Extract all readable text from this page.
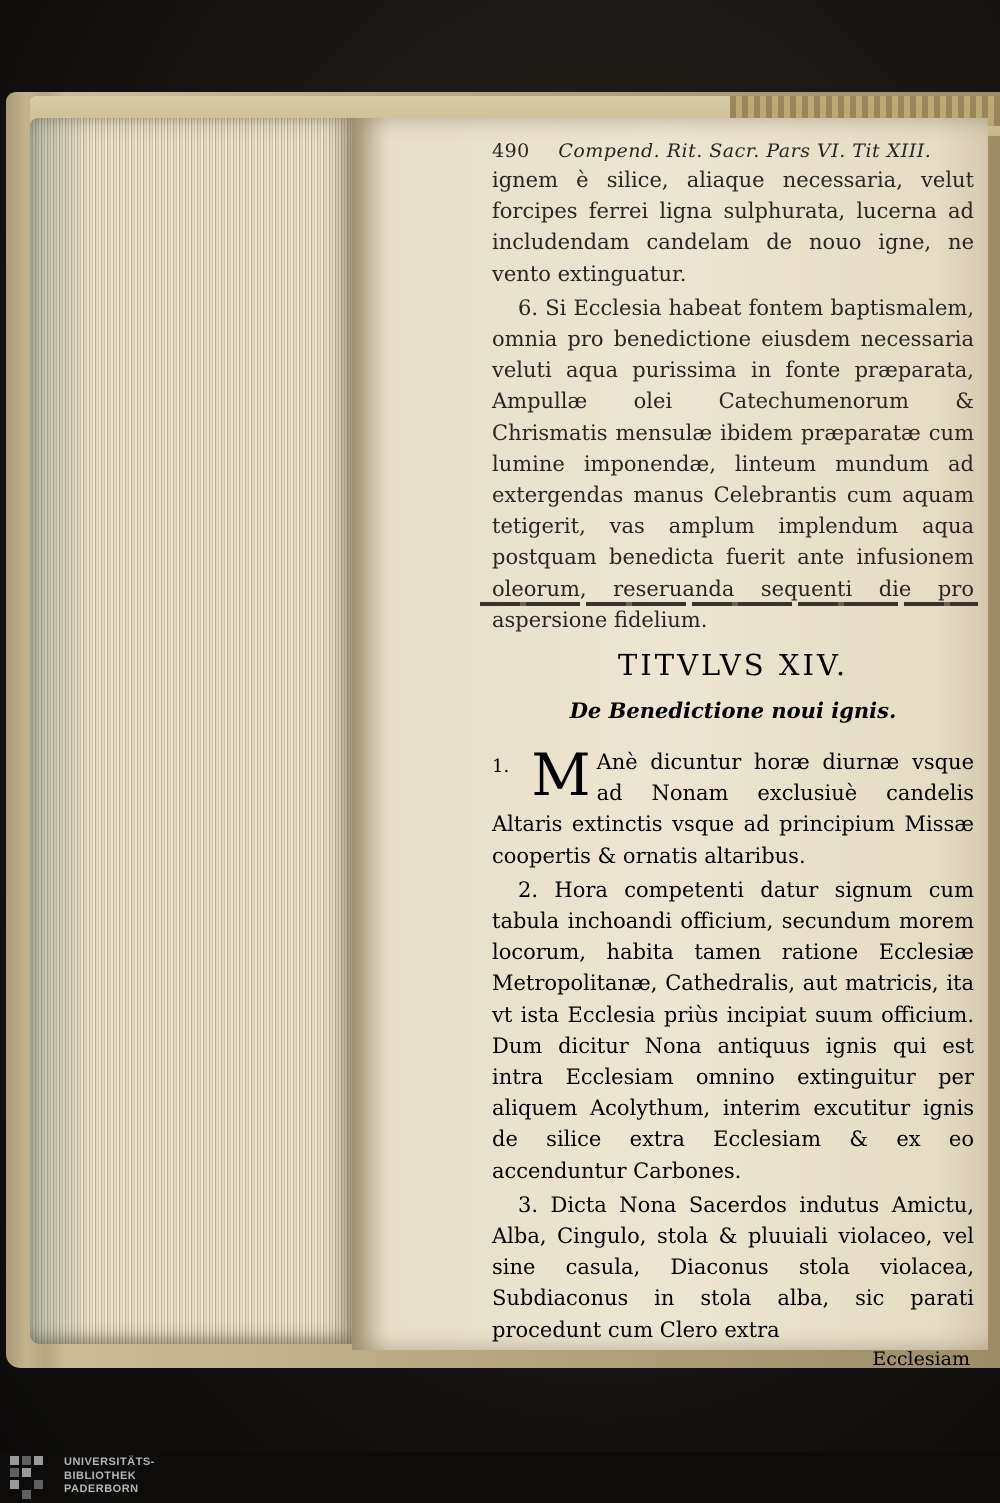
490 Compend. Rit. Sacr. Pars VI. Tit XIII.

ignem è silice, aliaque necessaria, velut forcipes ferrei ligna sulphurata, lucerna ad includendam candelam de nouo igne, ne vento extinguatur.

6. Si Ecclesia habeat fontem baptismalem, omnia pro benedictione eiusdem necessaria veluti aqua purissima in fonte præparata, Ampullæ olei Catechumenorum & Chrismatis mensulæ ibidem præparatæ cum lumine imponendæ, linteum mundum ad extergendas manus Celebrantis cum aquam tetigerit, vas amplum implendum aqua postquam benedicta fuerit ante infusionem oleorum, reseruanda sequenti die pro aspersione fidelium.

TITVLVS XIV.
De Benedictione noui ignis.
1. M Anè dicuntur horæ diurnæ vsque ad Nonam exclusiuè candelis Altaris extinctis vsque ad principium Missæ coopertis & ornatis altaribus.

2. Hora competenti datur signum cum tabula inchoandi officium, secundum morem locorum, habita tamen ratione Ecclesiæ Metropolitanæ, Cathedralis, aut matricis, ita vt ista Ecclesia priùs incipiat suum officium. Dum dicitur Nona antiquus ignis qui est intra Ecclesiam omnino extinguitur per aliquem Acolythum, interim excutitur ignis de silice extra Ecclesiam & ex eo accenduntur Carbones.

3. Dicta Nona Sacerdos indutus Amictu, Alba, Cingulo, stola & pluuiali violaceo, vel sine casula, Diaconus stola violacea, Subdiaconus in stola alba, sic parati procedunt cum Clero extra

Ecclesiam
UNIVERSITÄTS-
BIBLIOTHEK
PADERBORN
